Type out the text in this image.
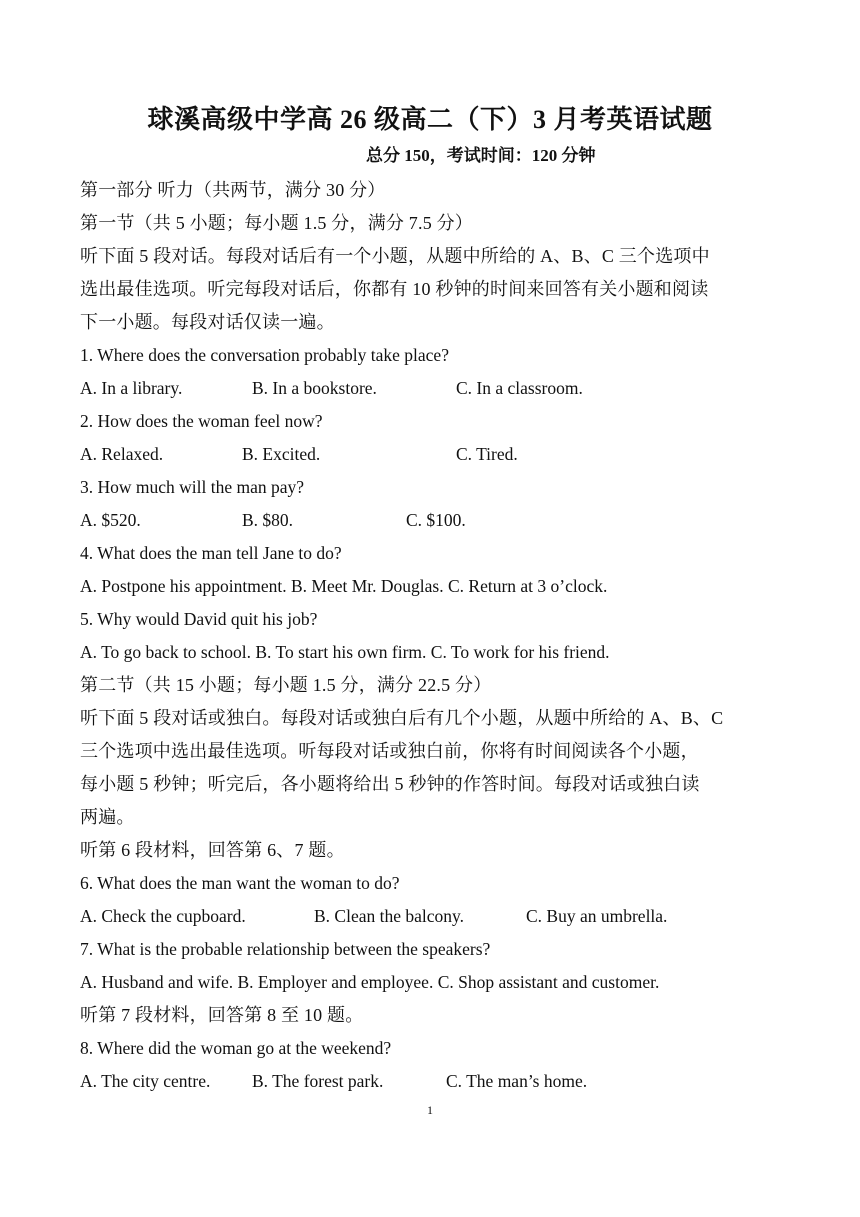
球溪高级中学高 26 级高二（下）3 月考英语试题
总分 150，考试时间：120 分钟
第一部分 听力（共两节，满分 30 分）
第一节（共 5 小题；每小题 1.5 分，满分 7.5 分）
听下面 5 段对话。每段对话后有一个小题，从题中所给的 A、B、C 三个选项中
选出最佳选项。听完每段对话后，你都有 10 秒钟的时间来回答有关小题和阅读
下一小题。每段对话仅读一遍。
1. Where does the conversation probably take place?
A. In a library.	B. In a bookstore.	C. In a classroom.
2. How does the woman feel now?
A. Relaxed.	B. Excited.	C. Tired.
3. How much will the man pay?
A. $520.	B. $80.	C. $100.
4. What does the man tell Jane to do?
A. Postpone his appointment. B. Meet Mr. Douglas. C. Return at 3 o’clock.
5. Why would David quit his job?
A. To go back to school. B. To start his own firm. C. To work for his friend.
第二节（共 15 小题；每小题 1.5 分，满分 22.5 分）
听下面 5 段对话或独白。每段对话或独白后有几个小题，从题中所给的 A、B、C
三个选项中选出最佳选项。听每段对话或独白前，你将有时间阅读各个小题，
每小题 5 秒钟；听完后，各小题将给出 5 秒钟的作答时间。每段对话或独白读
两遍。
听第 6 段材料，回答第 6、7 题。
6. What does the man want the woman to do?
A. Check the cupboard.	B. Clean the balcony.	C. Buy an umbrella.
7. What is the probable relationship between the speakers?
A. Husband and wife. B. Employer and employee. C. Shop assistant and customer.
听第 7 段材料，回答第 8 至 10 题。
8. Where did the woman go at the weekend?
A. The city centre. B. The forest park.	C. The man’s home.
1
